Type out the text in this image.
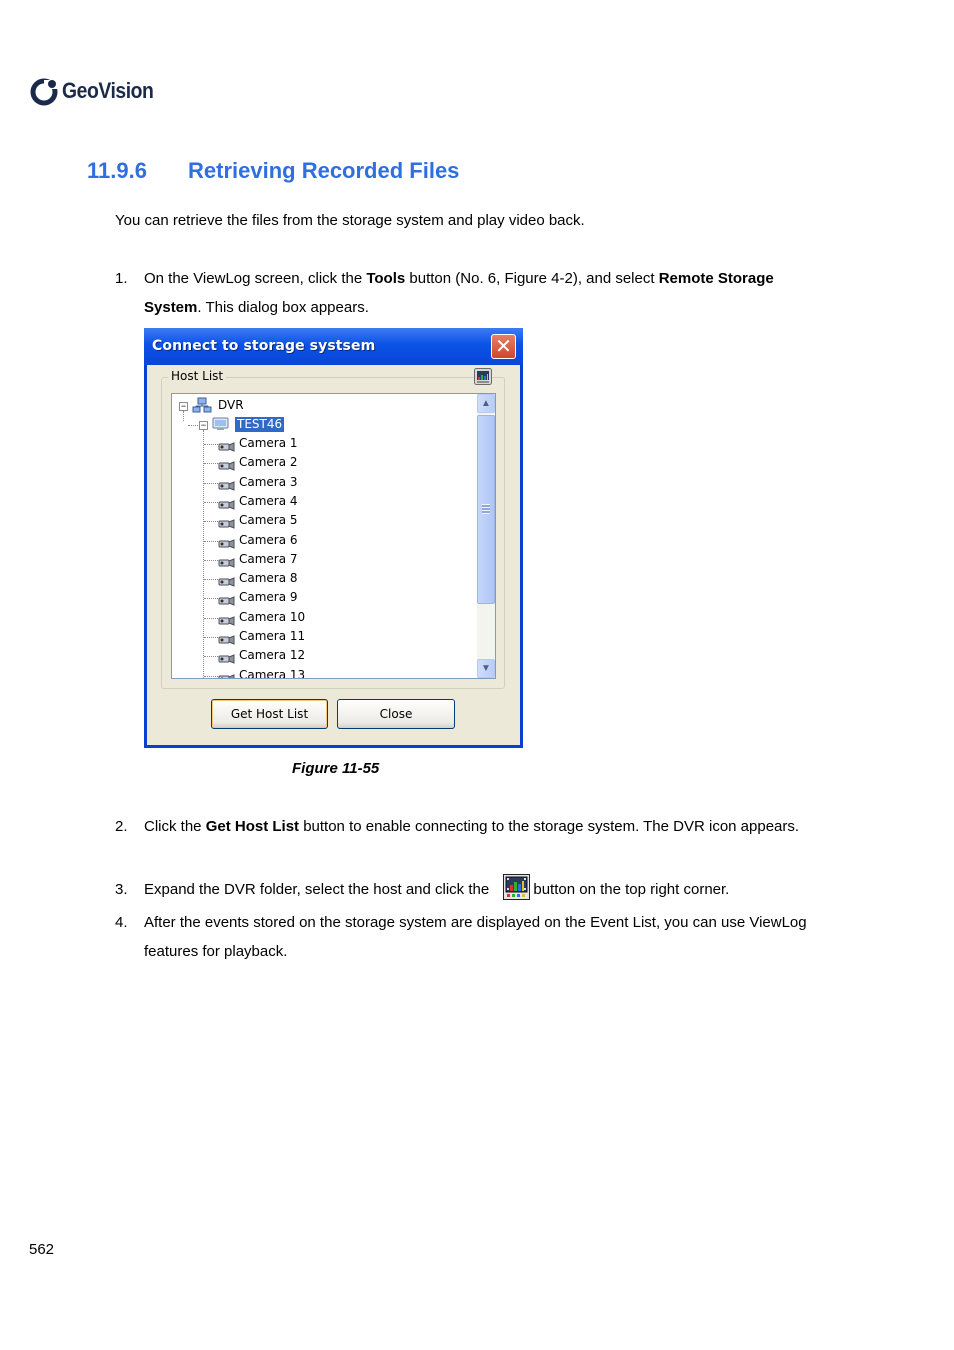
GeoVision
11.9.6 Retrieving Recorded Files
You can retrieve the files from the storage system and play video back.
1. On the ViewLog screen, click the Tools button (No. 6, Figure 4-2), and select Remote Storage System. This dialog box appears.
Connect to storage systsem	✕
Host List
−	DVR
−	TEST46
Camera 1
Camera 2
Camera 3
Camera 4
Camera 5
Camera 6
Camera 7
Camera 8
Camera 9
Camera 10
Camera 11
Camera 12
Camera 13
▲
▼
Get Host List	Close
Figure 11-55
2. Click the Get Host List button to enable connecting to the storage system. The DVR icon appears.
3. Expand the DVR folder, select the host and click the	button on the top right corner.
4. After the events stored on the storage system are displayed on the Event List, you can use ViewLog features for playback.
562
